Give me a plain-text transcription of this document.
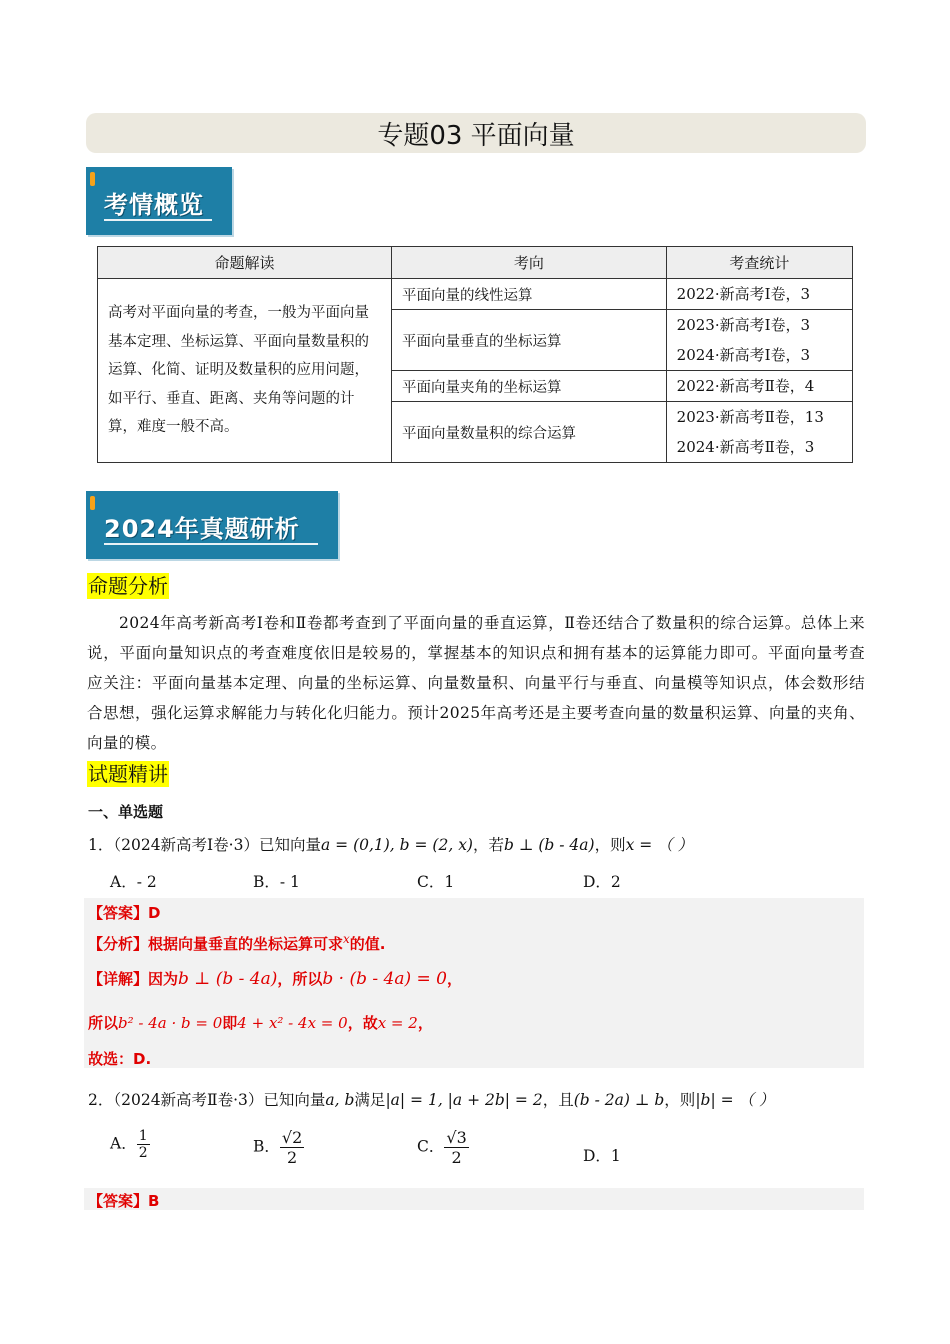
专题03 平面向量
考情概览
命题解读	考向	考查统计
高考对平面向量的考查，一般为平面向量基本定理、坐标运算、平面向量数量积的运算、化简、证明及数量积的应用问题，如平行、垂直、距离、夹角等问题的计算，难度一般不高。	平面向量的线性运算	2022·新高考Ⅰ卷，3
	平面向量垂直的坐标运算	2023·新高考Ⅰ卷，3
		2024·新高考Ⅰ卷，3
	平面向量夹角的坐标运算	2022·新高考Ⅱ卷，4
	平面向量数量积的综合运算	2023·新高考Ⅱ卷，13
		2024·新高考Ⅱ卷，3
2024年真题研析
命题分析
2024年高考新高考Ⅰ卷和Ⅱ卷都考查到了平面向量的垂直运算，Ⅱ卷还结合了数量积的综合运算。总体上来说，平面向量知识点的考查难度依旧是较易的，掌握基本的知识点和拥有基本的运算能力即可。平面向量考查应关注：平面向量基本定理、向量的坐标运算、向量数量积、向量平行与垂直、向量模等知识点，体会数形结合思想，强化运算求解能力与转化化归能力。预计2025年高考还是主要考查向量的数量积运算、向量的夹角、向量的模。
试题精讲
一、单选题
1．（2024新高考Ⅰ卷·3）已知向量a = (0,1), b = (2, x)，若b ⊥ (b - 4a)，则x = （ ）
A．- 2	B．- 1	C．1	D．2
【答案】D
【分析】根据向量垂直的坐标运算可求$^x$的值.
【详解】因为b ⊥ (b - 4a)，所以b · (b - 4a) = 0，
所以b² - 4a · b = 0即4 + x² - 4x = 0，故x = 2，
故选：D.
2．（2024新高考Ⅱ卷·3）已知向量a, b满足|a| = 1, |a + 2b| = 2，且(b - 2a) ⊥ b，则|b| = （ ）
A． $\frac{1}{2}$	B． $\frac{√2}{2}$	C． $\frac{√3}{2}$	D．1
【答案】B
